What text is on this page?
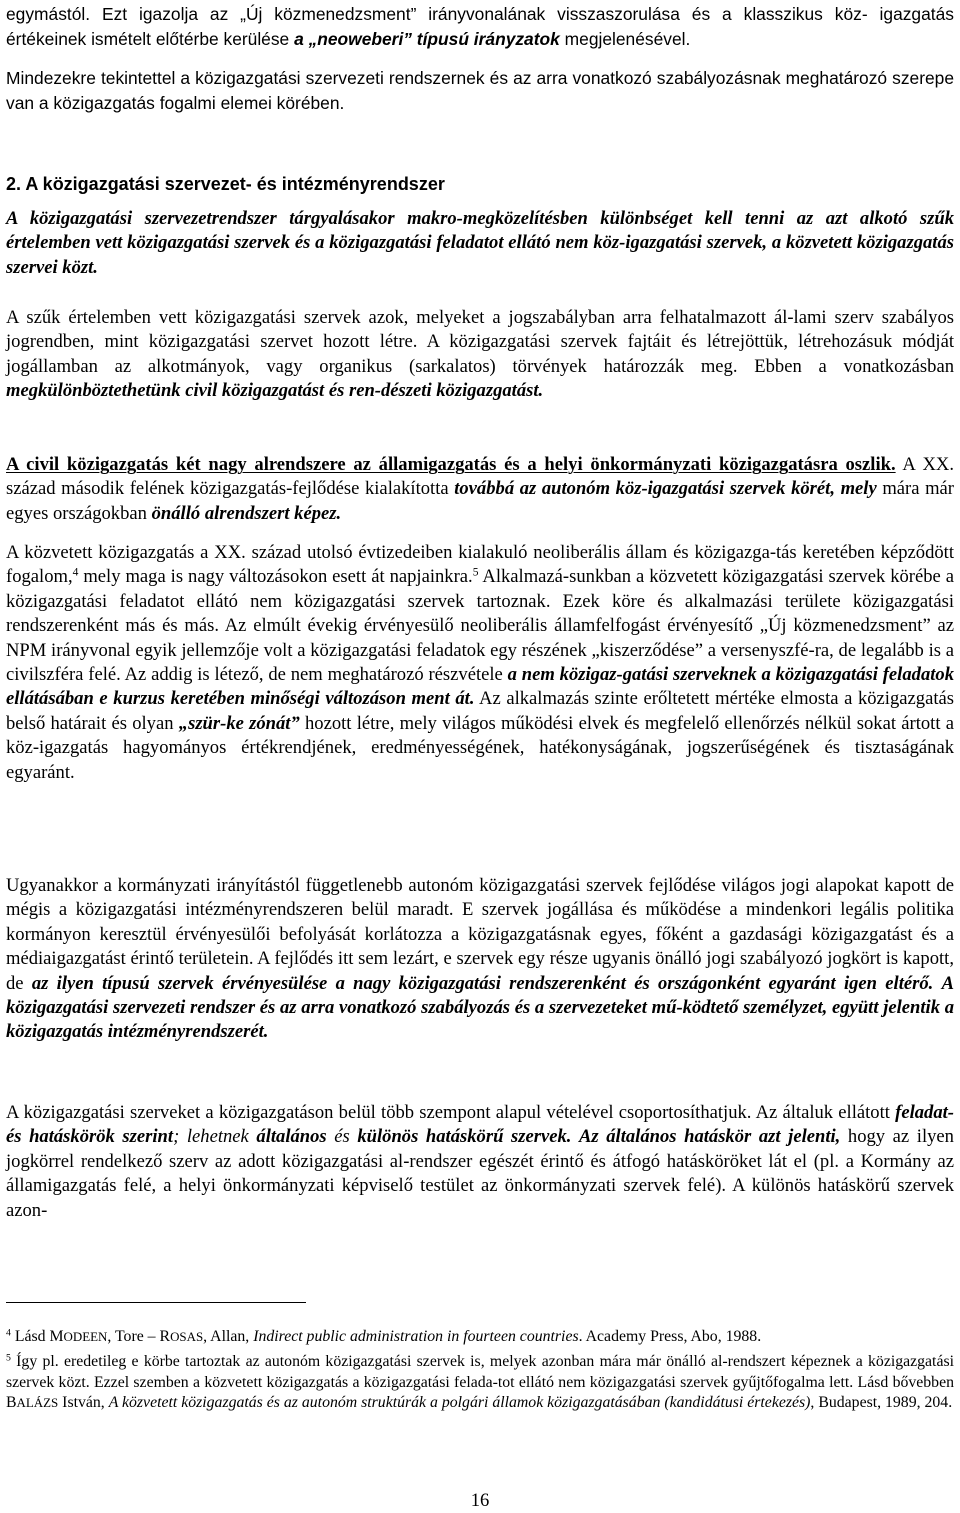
egymástól. Ezt igazolja az „Új közmenedzsment” irányvonalának visszaszorulása és a klasszikus köz- igazgatás értékeinek ismételt előtérbe kerülése a „neoweberi” típusú irányzatok megjelenésével.

Mindezekre tekintettel a közigazgatási szervezeti rendszernek és az arra vonatkozó szabályozásnak meghatározó szerepe van a közigazgatás fogalmi elemei körében.

2. A közigazgatási szervezet- és intézményrendszer

A közigazgatási szervezetrendszer tárgyalásakor makro-megközelítésben különbséget kell tenni az azt alkotó szűk értelemben vett közigazgatási szervek és a közigazgatási feladatot ellátó nem köz-igazgatási szervek, a közvetett közigazgatás szervei közt.

A szűk értelemben vett közigazgatási szervek azok, melyeket a jogszabályban arra felhatalmazott ál-lami szerv szabályos jogrendben, mint közigazgatási szervet hozott létre. A közigazgatási szervek fajtáit és létrejöttük, létrehozásuk módját jogállamban az alkotmányok, vagy organikus (sarkalatos) törvények határozzák meg. Ebben a vonatkozásban megkülönböztethetünk civil közigazgatást és ren-dészeti közigazgatást.

A civil közigazgatás két nagy alrendszere az államigazgatás és a helyi önkormányzati közigazgatásra oszlik. A XX. század második felének közigazgatás-fejlődése kialakította továbbá az autonóm köz-igazgatási szervek körét, mely mára már egyes országokban önálló alrendszert képez.

A közvetett közigazgatás a XX. század utolsó évtizedeiben kialakuló neoliberális állam és közigazga-tás keretében képződött fogalom,$^4$ mely maga is nagy változásokon esett át napjainkra.$^5$ Alkalmazá-sunkban a közvetett közigazgatási szervek körébe a közigazgatási feladatot ellátó nem közigazgatási szervek tartoznak. Ezek köre és alkalmazási területe közigazgatási rendszerenként más és más. Az elmúlt évekig érvényesülő neoliberális államfelfogást érvényesítő „Új közmenedzsment” az NPM irányvonal egyik jellemzője volt a közigazgatási feladatok egy részének „kiszerződése” a versenyszfé-ra, de legalább is a civilszféra felé. Az addig is létező, de nem meghatározó részvétele a nem közigaz-gatási szerveknek a közigazgatási feladatok ellátásában e kurzus keretében minőségi változáson ment át. Az alkalmazás szinte erőltetett mértéke elmosta a közigazgatás belső határait és olyan „szür-ke zónát” hozott létre, mely világos működési elvek és megfelelő ellenőrzés nélkül sokat ártott a köz-igazgatás hagyományos értékrendjének, eredményességének, hatékonyságának, jogszerűségének és tisztaságának egyaránt.

Ugyanakkor a kormányzati irányítástól függetlenebb autonóm közigazgatási szervek fejlődése világos jogi alapokat kapott de mégis a közigazgatási intézményrendszeren belül maradt. E szervek jogállása és működése a mindenkori legális politika kormányon keresztül érvényesülői befolyását korlátozza a közigazgatásnak egyes, főként a gazdasági közigazgatást és a médiaigazgatást érintő területein. A fejlődés itt sem lezárt, e szervek egy része ugyanis önálló jogi szabályozó jogkört is kapott, de az ilyen típusú szervek érvényesülése a nagy közigazgatási rendszerenként és országonként egyaránt igen eltérő. A közigazgatási szervezeti rendszer és az arra vonatkozó szabályozás és a szervezeteket mű-ködtető személyzet, együtt jelentik a közigazgatás intézményrendszerét.

A közigazgatási szerveket a közigazgatáson belül több szempont alapul vételével csoportosíthatjuk. Az általuk ellátott feladat- és hatáskörök szerint; lehetnek általános és különös hatáskörű szervek. Az általános hatáskör azt jelenti, hogy az ilyen jogkörrel rendelkező szerv az adott közigazgatási al-rendszer egészét érintő és átfogó hatásköröket lát el (pl. a Kormány az államigazgatás felé, a helyi önkormányzati képviselő testület az önkormányzati szervek felé). A különös hatáskörű szervek azon-

$^4$ Lásd MODEEN, Tore – ROSAS, Allan, Indirect public administration in fourteen countries. Academy Press, Abo, 1988.

$^5$ Így pl. eredetileg e körbe tartoztak az autonóm közigazgatási szervek is, melyek azonban mára már önálló al-rendszert képeznek a közigazgatási szervek közt. Ezzel szemben a közvetett közigazgatás a közigazgatási felada-tot ellátó nem közigazgatási szervek gyűjtőfogalma lett. Lásd bővebben BALÁZS István, A közvetett közigazgatás és az autonóm struktúrák a polgári államok közigazgatásában (kandidátusi értekezés), Budapest, 1989, 204.

16
